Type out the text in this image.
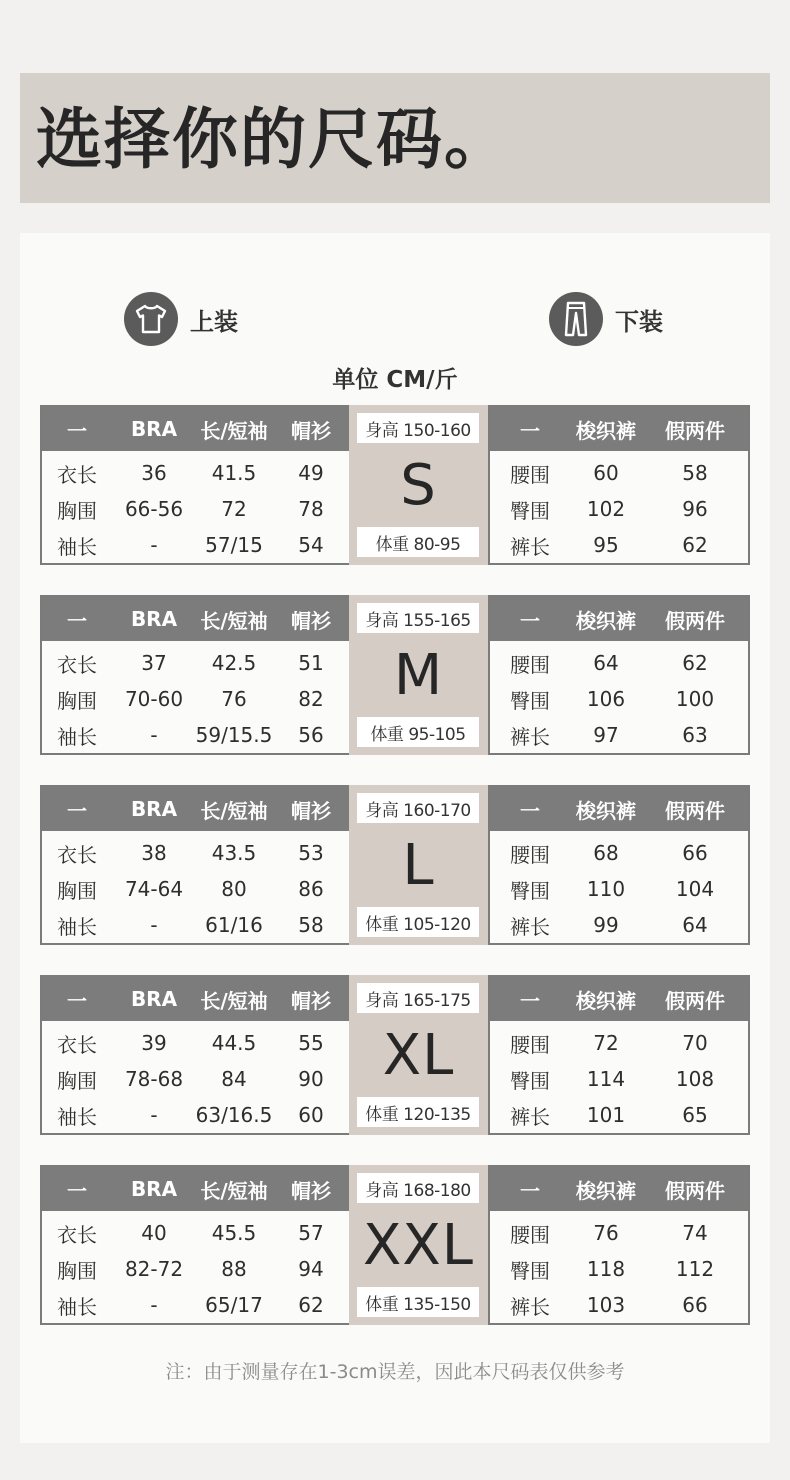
选择你的尺码。
上装	下装
单位 CM/斤
一	BRA	长/短袖	帽衫
衣长	36	41.5	49
胸围	66-56	72	78
袖长	-	57/15	54
身高 150-160
S
体重 80-95
一	梭织裤	假两件
腰围	60	58
臀围	102	96
裤长	95	62
一	BRA	长/短袖	帽衫
衣长	37	42.5	51
胸围	70-60	76	82
袖长	-	59/15.5	56
身高 155-165
M
体重 95-105
一	梭织裤	假两件
腰围	64	62
臀围	106	100
裤长	97	63
一	BRA	长/短袖	帽衫
衣长	38	43.5	53
胸围	74-64	80	86
袖长	-	61/16	58
身高 160-170
L
体重 105-120
一	梭织裤	假两件
腰围	68	66
臀围	110	104
裤长	99	64
一	BRA	长/短袖	帽衫
衣长	39	44.5	55
胸围	78-68	84	90
袖长	-	63/16.5	60
身高 165-175
XL
体重 120-135
一	梭织裤	假两件
腰围	72	70
臀围	114	108
裤长	101	65
一	BRA	长/短袖	帽衫
衣长	40	45.5	57
胸围	82-72	88	94
袖长	-	65/17	62
身高 168-180
XXL
体重 135-150
一	梭织裤	假两件
腰围	76	74
臀围	118	112
裤长	103	66
注：由于测量存在1-3cm误差，因此本尺码表仅供参考
